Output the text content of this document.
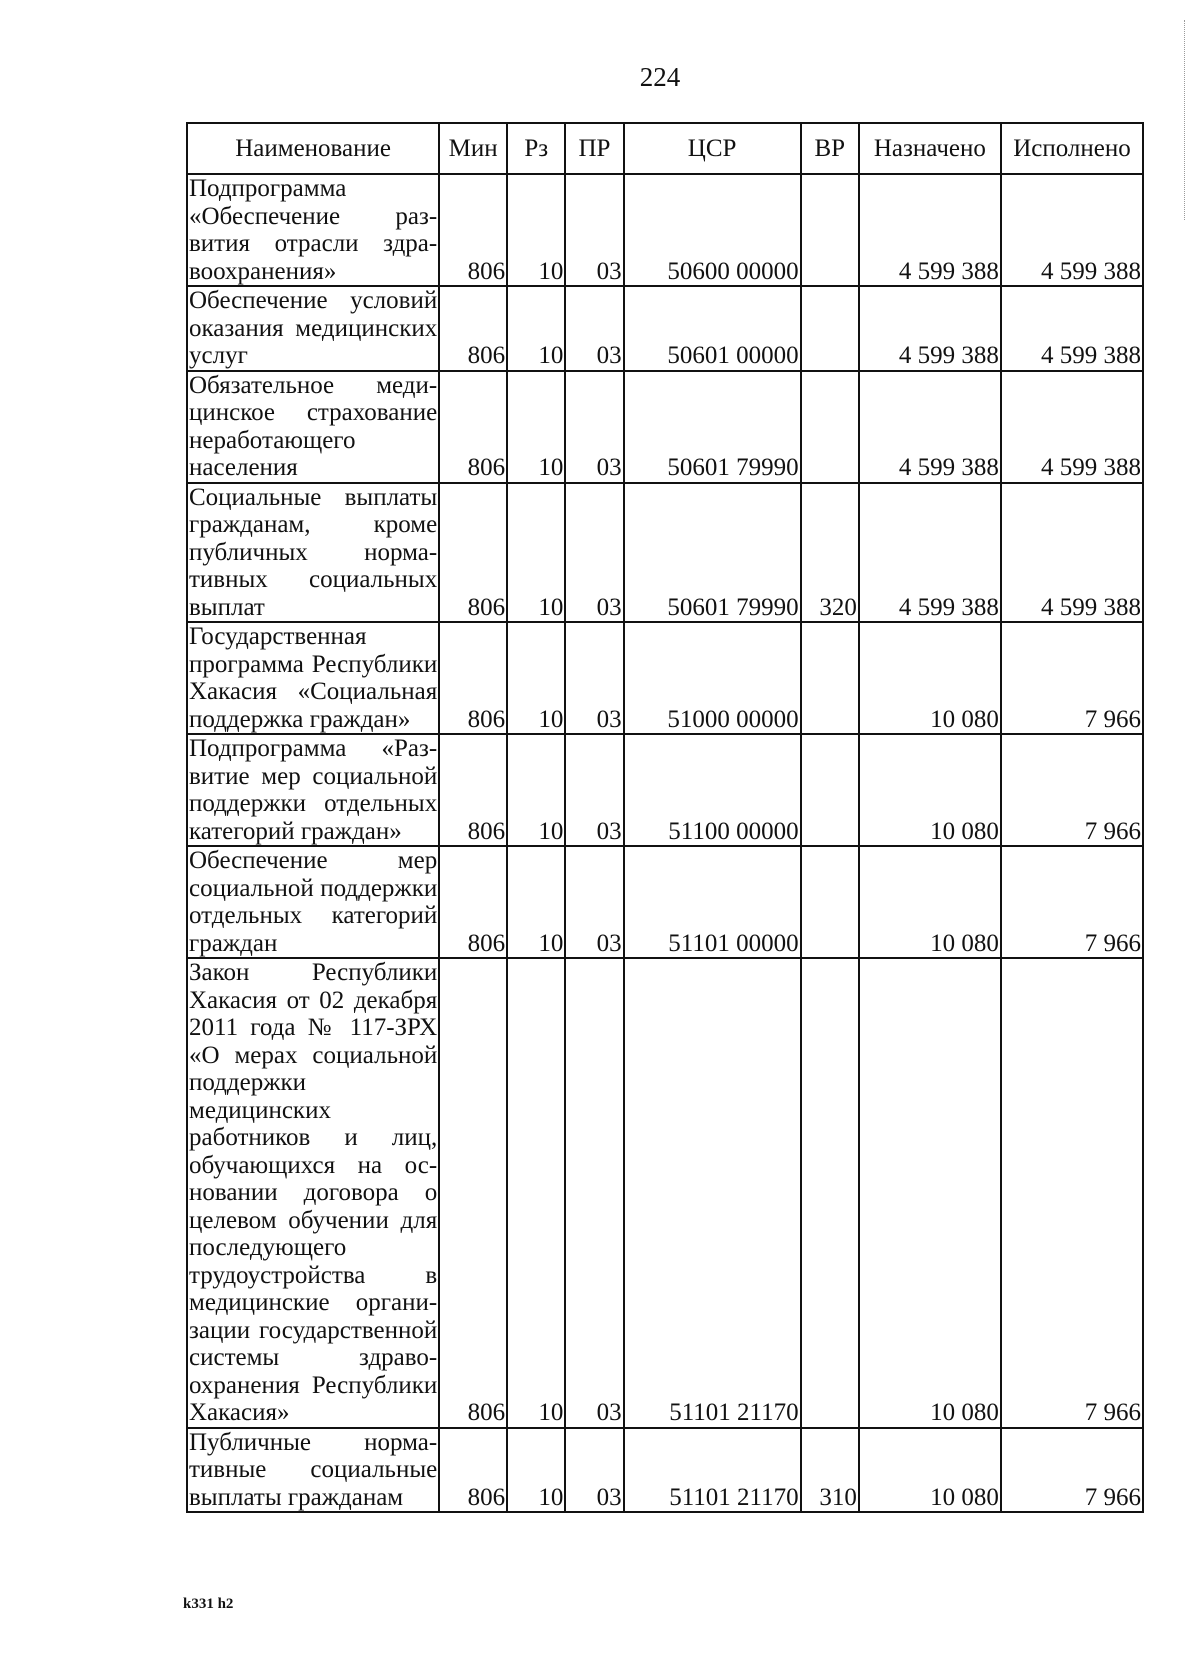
224
Наименование	Мин	Рз	ПР	ЦСР	ВР	Назначено	Исполнено
Подпрограмма «Обеспечение развития отрасли здравоохранения»	806	10	03	50600 00000		4 599 388	4 599 388
Обеспечение условий оказания медицинских услуг	806	10	03	50601 00000		4 599 388	4 599 388
Обязательное медицинское страхование неработающего населения	806	10	03	50601 79990		4 599 388	4 599 388
Социальные выплаты гражданам, кроме публичных нормативных социальных выплат	806	10	03	50601 79990	320	4 599 388	4 599 388
Государственная программа Республики Хакасия «Социальная поддержка граждан»	806	10	03	51000 00000		10 080	7 966
Подпрограмма «Развитие мер социальной поддержки отдельных категорий граждан»	806	10	03	51100 00000		10 080	7 966
Обеспечение мер социальной поддержки отдельных категорий граждан	806	10	03	51101 00000		10 080	7 966
Закон Республики Хакасия от 02 декабря 2011 года № 117-ЗРХ «О мерах социальной поддержки медицинских работников и лиц, обучающихся на основании договора о целевом обучении для последующего трудоустройства в медицинские организации государственной системы здравоохранения Республики Хакасия»	806	10	03	51101 21170		10 080	7 966
Публичные нормативные социальные выплаты гражданам	806	10	03	51101 21170	310	10 080	7 966
k331 h2
